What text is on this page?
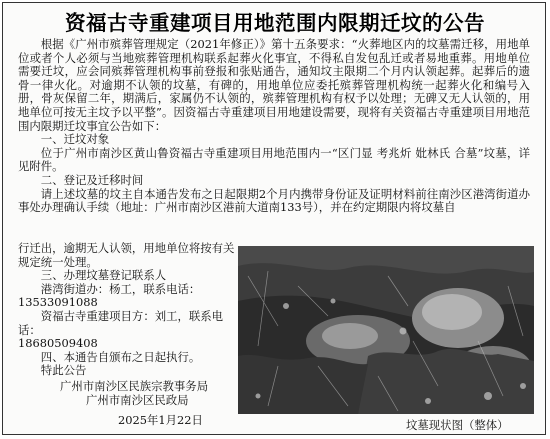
资福古寺重建项目用地范围内限期迁坟的公告

根据《广州市殡葬管理规定（2021年修正）》第十五条要求：“火葬地区内的坟墓需迁移，用地单位或者个人必须与当地殡葬管理机构联系起葬火化事宜，不得私自发包乱迁或者易地重葬。用地单位需要迁坟，应会同殡葬管理机构事前登报和张贴通告，通知坟主限期二个月内认领起葬。起葬后的遗骨一律火化。对逾期不认领的坟墓，有碑的，用地单位应委托殡葬管理机构统一起葬火化和编号入册，骨灰保留二年，期满后，家属仍不认领的，殡葬管理机构有权予以处理；无碑又无人认领的，用地单位可按无主坟予以平整”。因资福古寺重建项目用地建设需要，现将有关资福古寺重建项目用地范围内限期迁坟事宜公告如下：

一、迁坟对象

位于广州市南沙区黄山鲁资福古寺重建项目用地范围内一“区门显 考兆炘 妣林氏 合墓”坟墓，详见附件。

二、登记及迁移时间

请上述坟墓的坟主自本通告发布之日起限期2个月内携带身份证及证明材料前往南沙区港湾街道办事处办理确认手续（地址：广州市南沙区港前大道南133号），并在约定期限内将坟墓自

行迁出，逾期无人认领，用地单位将按有关规定统一处理。

三、办理坟墓登记联系人

港湾街道办：杨工，联系电话：

13533091088

资福古寺重建项目方：刘工，联系电话：

18680509408

四、本通告自颁布之日起执行。

特此公告

广州市南沙区民族宗教事务局
广州市南沙区民政局
2025年1月22日	坟墓现状图（整体）
